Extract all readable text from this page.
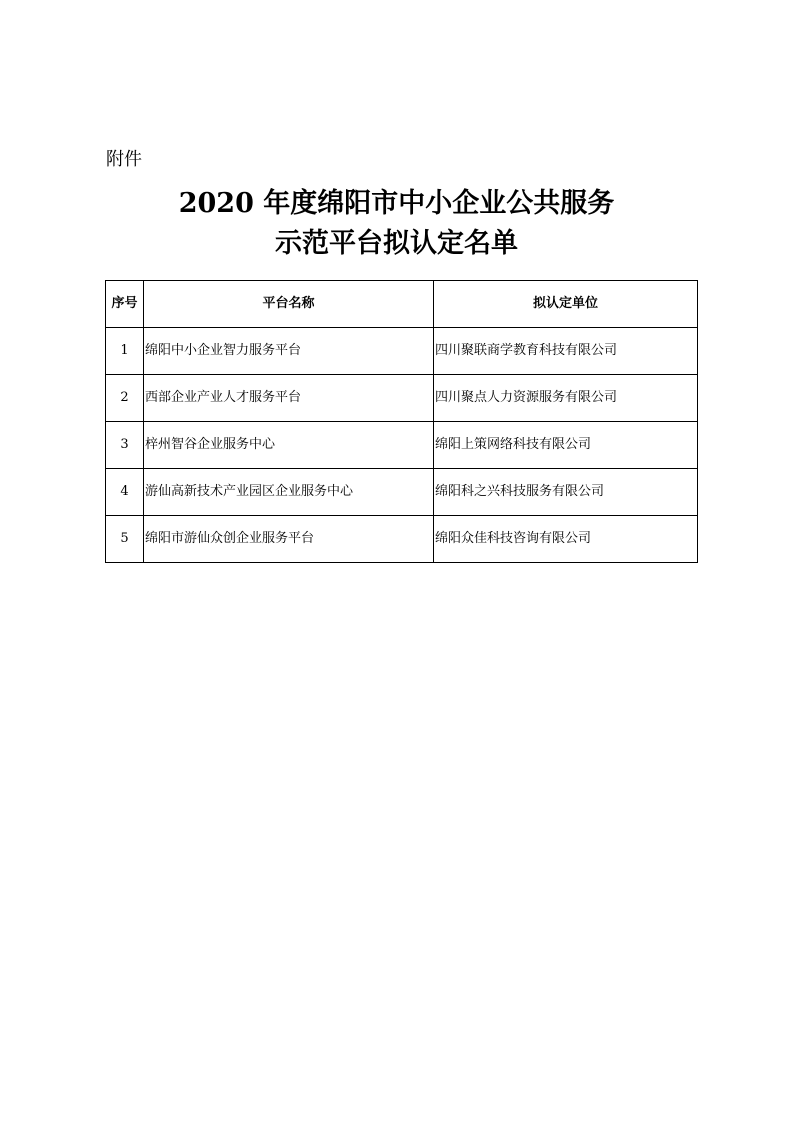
附件
2020 年度绵阳市中小企业公共服务
示范平台拟认定名单
序号	平台名称	拟认定单位
1	绵阳中小企业智力服务平台	四川聚联商学教育科技有限公司
2	西部企业产业人才服务平台	四川聚点人力资源服务有限公司
3	梓州智谷企业服务中心	绵阳上策网络科技有限公司
4	游仙高新技术产业园区企业服务中心	绵阳科之兴科技服务有限公司
5	绵阳市游仙众创企业服务平台	绵阳众佳科技咨询有限公司
